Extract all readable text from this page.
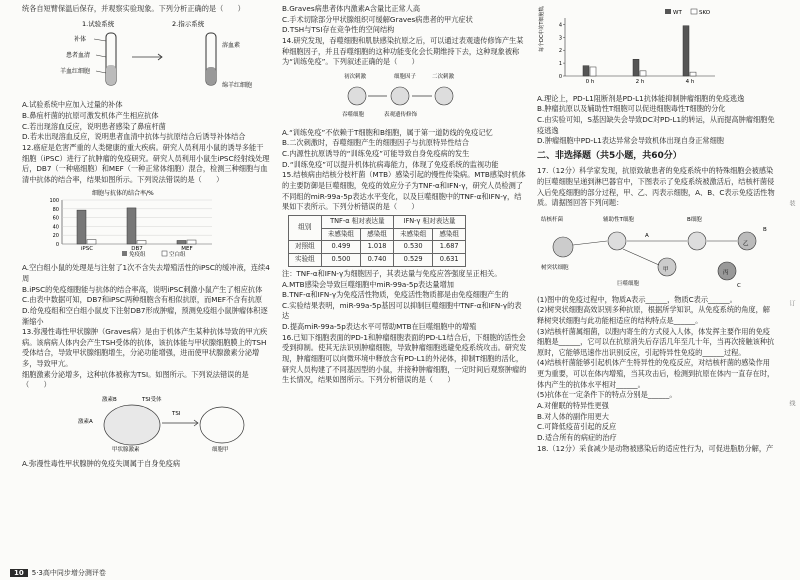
统各自短臂保温后保存，并观察实验现象。下列分析正确的是（　　）

1.试验系统	2.指示系统
补体
患者血清
羊血红细胞
溶血素
绵羊红细胞

A.试验系统中应加入过量的补体

B.鼻疽杆菌的抗原可激发机体产生相应抗体

C.若出现溶血反应，说明患者感染了鼻疽杆菌

D.若未出现溶血反应，说明患者血清中抗体与抗原结合后诱导补体结合

12.癌症是危害严重的人类健康的重大疾病。研究人员利用小鼠的诱导多能干细胞（iPSC）进行了抗肿瘤的免疫研究。研究人员利用小鼠生iPSC经射线处理后，DB7（一种癌细胞）和MEF（一种正常体细胞）混合，检测三种细胞与血清中抗体的结合率，结果如图所示。下列说法错误的是（　　）

细胞与抗体的结合率/%
0
20
40
60
80
100
iPSC	DB7	MEF
免疫组	空白组

A.空白组小鼠的处理是与注射了1次不含失去增殖活性的iPSC的缓冲液，连续4周

B.iPSC的免疫细胞能与抗体的结合率高，说明iPSC刺激小鼠产生了相应抗体

C.由表中数据可知，DB7和iPSC两种细胞含有相似抗原，而MEF不含有抗原

D.给免疫组和空白组小鼠皮下注射DB7形成肿瘤，预测免疫组小鼠肿瘤体积逐渐缩小

13.弥漫性毒性甲状腺肿（Graves病）是由于机体产生某种抗体导致的甲亢疾病。该病病人体内会产生TSH受体的抗体，该抗体能与甲状腺细胞膜上的TSH受体结合，导致甲状腺细胞增生，分泌功能增强，进而使甲状腺激素分泌增多，导致甲亢。

细胞激素分泌增多，这种抗体被称为TSI。如图所示。下列说法错误的是（　　）

激素B
激素A
TSI受体
TSI
甲状腺激素	细胞甲

A.弥漫性毒性甲状腺肿的免疫失调属于自身免疫病

B.Graves病患者体内激素A含量比正常人高

C.手术切除部分甲状腺组织可缓解Graves病患者的甲亢症状

D.TSH与TSI存在竞争性的空间结构

14.研究发现，吞噬细胞和肌肤感染抗原之后，可以通过表观遗传修饰产生某种细胞因子，并且吞噬细胞的这种功能变化会长期维持下去，这种现象被称为“训练免疫”。下列叙述正确的是（　　）

初次刺激	细胞因子	二次刺激
吞噬细胞	表观遗传修饰

A.“训练免疫”不依赖于T细胞和B细胞，属于第一道防线的免疫记忆

B.二次刺激时，吞噬细胞产生的细胞因子与抗原特异性结合

C.内源性抗原诱导的“训练免疫”可能导致自身免疫病的发生

D.“训练免疫”可以提升机体抗病毒能力，体现了免疫系统的监视功能

15.结核病由结核分枝杆菌（MTB）感染引起的慢性传染病。MTB感染时机体的主要防御是巨噬细胞，免疫的效应分子为TNF-α和IFN-γ，研究人员检测了不同组的miR-99a-5p表达水平变化，以及巨噬细胞中的TNF-α和IFN-γ，结果如下表所示。下列分析错误的是（　　）

组别	TNF-α 相对表达量		IFN-γ 相对表达量	
	未感染组	感染组	未感染组	感染组
对照组	0.499	1.018	0.530	1.687
实验组	0.500	0.740	0.529	0.631

注：TNF-α和IFN-γ为细胞因子，其表达量与免疫应答强度呈正相关。

A.MTB感染会导致巨噬细胞中miR-99a-5p表达量增加

B.TNF-α和IFN-γ为免疫活性物质，免疫活性物质都是由免疫细胞产生的

C.实验结果表明，miR-99a-5p基因可以抑制巨噬细胞中TNF-α和IFN-γ的表达

D.提高miR-99a-5p表达水平可帮助MTB在巨噬细胞中的增殖

16.已知下细胞表面的PD-1和肿瘤细胞表面的PD-L1结合后，下细胞的活性会受到抑制。使其无法识别肿瘤细胞，导致肿瘤细胞逃避免疫系统攻击。研究发现，肿瘤细胞可以向微环境中释放含有PD-L1的外泌体，抑制T细胞的活化，研究人员构建了不同基因型的小鼠，并接种肿瘤细胞，一定时间后观察肿瘤的生长情况，结果如图所示。下列分析错误的是（　　）

每个DC中的T细胞数/个
0
1
2
3
4
0 h	2 h	4 h
WT	SKO

A.理论上，PD-L1阻断剂是PD-L1抗体能抑制肿瘤细胞的免疫逃逸

B.肿瘤抗原以及辅助性T细胞可以促进细胞毒性T细胞的分化

C.由实验可知，S基因缺失会导致DC对PD-L1的转运，从而提高肿瘤细胞免疫逃逸

D.肿瘤细胞中PD-L1表达异常会导致机体出现自身正常细胞

二、非选择题（共5小题，共60分）

17.（12分）科学家发现，抗原致敏患者的免疫系统中的特殊细胞会被感染的巨噬细胞呈递到淋巴器官中，下图表示了免疫系统被激活后，结核杆菌侵入后免疫细胞的部分过程，甲、乙、丙表示细胞，A、B、C表示免疫活性物质。请据图回答下列问题：

结核杆菌
树突状细胞
辅助性T细胞	B细胞
巨噬细胞
甲
乙
丙
A
B
C

(1)图中的免疫过程中，物质A表示______，物质C表示______。

(2)树突状细胞高效识别多种抗原，根据所学知识，从免疫系统的角度，解释树突状细胞与此功能相适应的结构特点是______。

(3)结核杆菌属细菌，以胞内寄生的方式侵入人体，体发挥主要作用的免疫细胞是______，它可以在抗原消失后存活几年至几十年，当再次接触该种抗原时，它能够迅速作出识别反应，引起特异性免疫的______过程。

(4)结核杆菌能够引起机体产生特异性的免疫反应，对结核杆菌的感染作用更为重要，可以在体内增殖，当其攻击后，检测到抗原在体内一直存在时，体内产生的抗体水平相对______。

(5)抗体在一定条件下的特点分别是______。

A.对催眠的特异性更强

B.对人体的副作用更大

C.可降低疫苗引起的反应

D.适合所有的病症的治疗

18.（12分）采食减少是动物被感染后的适应性行为，可促进脂肪分解，产

装
订
线
10	5·3高中同步增分测评卷
